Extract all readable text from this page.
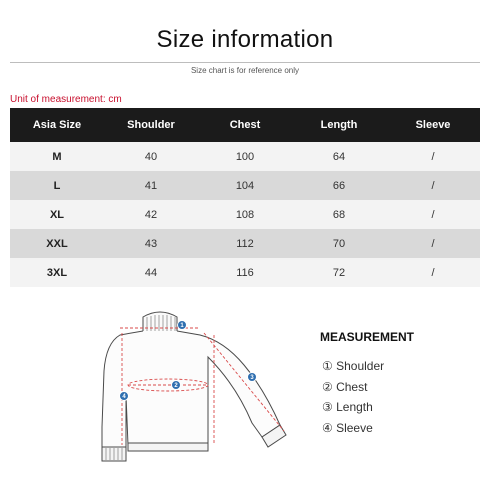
Size information
Size chart is for reference only
Unit of measurement: cm
Asia Size	Shoulder	Chest	Length	Sleeve
M	40	100	64	/
L	41	104	66	/
XL	42	108	68	/
XXL	43	112	70	/
3XL	44	116	72	/
1
2
3
4
MEASUREMENT
① Shoulder
② Chest
③ Length
④ Sleeve
